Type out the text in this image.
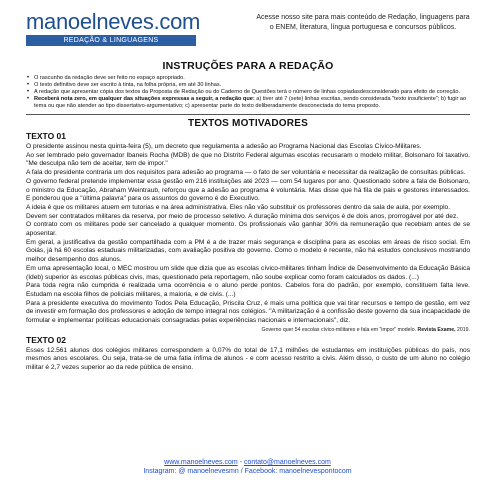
manoelneves.com
REDAÇÃO & LINGUAGENS
Acesse nosso site para mais conteúdo de Redação, linguagens para o ENEM, literatura, língua portuguesa e concursos públicos.
INSTRUÇÕES PARA A REDAÇÃO
• O rascunho da redação deve ser feito no espaço apropriado.
• O texto definitivo deve ser escrito à tinta, na folha própria, em até 30 linhas.
• A redação que apresentar cópia dos textos da Proposta de Redação ou do Caderno de Questões terá o número de linhas copiadasdesconsiderado para efeito de correção.
• Receberá nota zero, em qualquer das situações expressas a seguir, a redação que: a) tiver até 7 (sete) linhas escritas, sendo considerada "texto insuficiente"; b) fugir ao tema ou que não atender ao tipo dissertativo-argumentativo; c) apresentar parte do texto deliberadamente desconectada do tema proposto.
TEXTOS MOTIVADORES
TEXTO 01

O presidente assinou nesta quinta-feira (5), um decreto que regulamenta a adesão ao Programa Nacional das Escolas Cívico-Militares.

Ao ser lembrado pelo governador Ibaneis Rocha (MDB) de que no Distrito Federal algumas escolas recusaram o modelo militar, Bolsonaro foi taxativo. "Me desculpa não tem de aceitar, tem de impor."

A fala do presidente contraria um dos requisitos para adesão ao programa — o fato de ser voluntária e necessitar da realização de consultas públicas.

O governo federal pretende implementar essa gestão em 216 instituições até 2023 — com 54 lugares por ano. Questionado sobre a fala de Bolsonaro, o ministro da Educação, Abraham Weintraub, reforçou que a adesão ao programa é voluntária. Mas disse que há fila de pais e gestores interessados. E ponderou que a "última palavra" para os assuntos do governo é do Executivo.

A ideia é que os militares atuem em tutorias e na área administrativa. Eles não vão substituir os professores dentro da sala de aula, por exemplo.

Devem ser contratados militares da reserva, por meio de processo seletivo. A duração mínima dos serviços é de dois anos, prorrogável por até dez.

O contrato com os militares pode ser cancelado a qualquer momento. Os profissionais vão ganhar 30% da remuneração que recebiam antes de se aposentar.

Em geral, a justificativa da gestão compartilhada com a PM é a de trazer mais segurança e disciplina para as escolas em áreas de risco social. Em Goiás, já há 60 escolas estaduais militarizadas, com avaliação positiva do governo. Como o modelo é recente, não há estudos conclusivos mostrando melhor desempenho dos alunos.

Em uma apresentação local, o MEC mostrou um slide que dizia que as escolas cívico-militares tinham Índice de Desenvolvimento da Educação Básica (Ideb) superior às escolas públicas civis, mas, questionado pela reportagem, não soube explicar como foram calculados os dados. (...)

Para toda regra não cumprida é realizada uma ocorrência e o aluno perde pontos. Cabelos fora do padrão, por exemplo, constituem falta leve. Estudam na escola filhos de policiais militares, a maioria, e de civis. (...)

Para a presidente executiva do movimento Todos Pela Educação, Priscila Cruz, é mais uma política que vai tirar recursos e tempo de gestão, em vez de investir em formação dos professores e adoção de tempo integral nos colégios. "A militarização é a confissão deste governo da sua incapacidade de formular e implementar políticas educacionais consagradas pelas experiências nacionais e internacionais", diz.

Governo quer 54 escolas cívico-militares e fala em "impor" modelo. Revista Exame, 2019.
TEXTO 02

Esses 12.561 alunos dos colégios militares correspondem a 0,07% do total de 17,1 milhões de estudantes em instituições públicas do país, nos mesmos anos escolares. Ou seja, trata-se de uma fatia ínfima de alunos - e com acesso restrito a civis. Além disso, o custo de um aluno no colégio militar é 2,7 vezes superior ao da rede pública de ensino.

www.manoelneves.com - contato@manoelneves.com
Instagram: @ manoelnevesmn / Facebook: manoelnevespontocom
